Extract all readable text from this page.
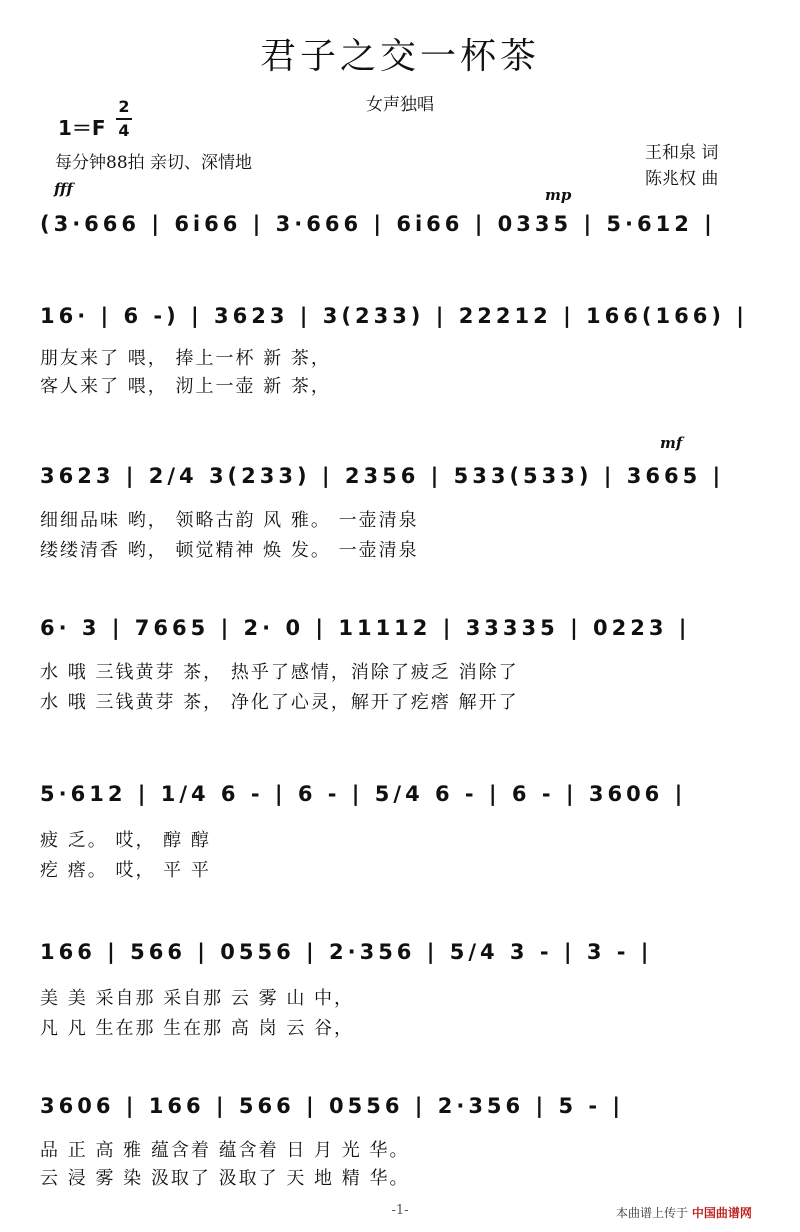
君子之交一杯茶
女声独唱
1＝F
2
4
每分钟88拍 亲切、深情地	王和泉 词
陈兆权 曲
fff	mp
(3·666 | 6i66 | 3·666 | 6i66 | 0335 | 5·612 |
16· | 6 -) | 3623 | 3(233) | 22212 | 166(166) |
朋友来了 喂， 捧上一杯 新 茶，
客人来了 喂， 沏上一壶 新 茶，
mf
3623 | 2/4 3(233) | 2356 | 533(533) | 3665 |
细细品味 哟， 领略古韵 风 雅。 一壶清泉
缕缕清香 哟， 顿觉精神 焕 发。 一壶清泉
6· 3 | 7665 | 2· 0 | 11112 | 33335 | 0223 |
水 哦 三钱黄芽 茶， 热乎了感情，消除了疲乏 消除了
水 哦 三钱黄芽 茶， 净化了心灵，解开了疙瘩 解开了
5·612 | 1/4 6 - | 6 - | 5/4 6 - | 6 - | 3606 |
疲 乏。 哎， 醇 醇
疙 瘩。 哎， 平 平
166 | 566 | 0556 | 2·356 | 5/4 3 - | 3 - |
美 美 采自那 采自那 云 雾 山 中，
凡 凡 生在那 生在那 高 岗 云 谷，
3606 | 166 | 566 | 0556 | 2·356 | 5 - |
品 正 高 雅 蕴含着 蕴含着 日 月 光 华。
云 浸 雾 染 汲取了 汲取了 天 地 精 华。
-1-	本曲谱上传于 中国曲谱网
